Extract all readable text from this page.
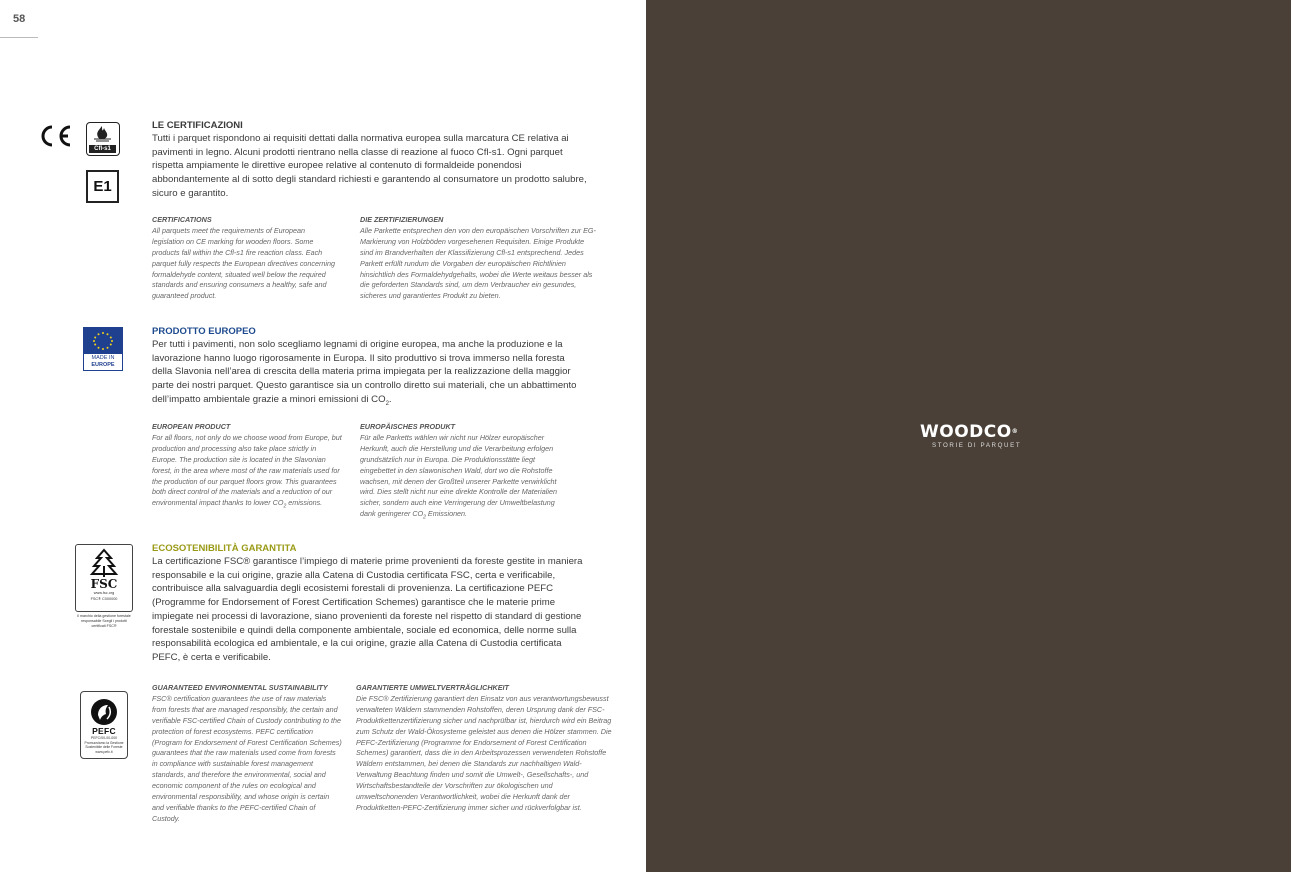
58
Cfl-s1
E1
LE CERTIFICAZIONI
Tutti i parquet rispondono ai requisiti dettati dalla normativa europea sulla marcatura CE relativa ai pavimenti in legno. Alcuni prodotti rientrano nella classe di reazione al fuoco Cfl-s1. Ogni parquet rispetta ampiamente le direttive europee relative al contenuto di formaldeide ponendosi abbondantemente al di sotto degli standard richiesti e garantendo al consumatore un prodotto salubre, sicuro e garantito.
CERTIFICATIONS
All parquets meet the requirements of European legislation on CE marking for wooden floors. Some products fall within the Cfl-s1 fire reaction class. Each parquet fully respects the European directives concerning formaldehyde content, situated well below the required standards and ensuring consumers a healthy, safe and guaranteed product.
DIE ZERTIFIZIERUNGEN
Alle Parkette entsprechen den von den europäischen Vorschriften zur EG-Markierung von Holzböden vorgesehenen Requisiten. Einige Produkte sind im Brandverhalten der Klassifizierung Cfl-s1 entsprechend. Jedes Parkett erfüllt rundum die Vorgaben der europäischen Richtlinien hinsichtlich des Formaldehydgehalts, wobei die Werte weitaus besser als die geforderten Standards sind, um dem Verbraucher ein gesundes, sicheres und garantiertes Produkt zu bieten.
MADE IN
EUROPE
PRODOTTO EUROPEO
Per tutti i pavimenti, non solo scegliamo legnami di origine europea, ma anche la produzione e la lavorazione hanno luogo rigorosamente in Europa. Il sito produttivo si trova immerso nella foresta della Slavonia nell’area di crescita della materia prima impiegata per la realizzazione della maggior parte dei nostri parquet. Questo garantisce sia un controllo diretto sui materiali, che un abbattimento dell’impatto ambientale grazie a minori emissioni di $CO_2$.
EUROPEAN PRODUCT
For all floors, not only do we choose wood from Europe, but production and processing also take place strictly in Europe. The production site is located in the Slavonian forest, in the area where most of the raw materials used for the production of our parquet floors grow. This guarantees both direct control of the materials and a reduction of our environmental impact thanks to lower $CO_2$ emissions.
EUROPÄISCHES PRODUKT
Für alle Parketts wählen wir nicht nur Hölzer europäischer Herkunft, auch die Herstellung und die Verarbeitung erfolgen grundsätzlich nur in Europa. Die Produktionsstätte liegt eingebettet in den slawonischen Wald, dort wo die Rohstoffe wachsen, mit denen der Großteil unserer Parkette verwirklicht wird. Dies stellt nicht nur eine direkte Kontrolle der Materialien sicher, sondern auch eine Verringerung der Umweltbelastung dank geringerer $CO_2$ Emissionen.
FSC
www.fsc.org
FSC® C000000
Il marchio della gestione forestale responsabile Scegli i prodotti certificati FSC®
PEFC
PEFC/00-00-000
Promuoviamo la Gestione Sostenibile delle Foreste www.pefc.it
ECOSOTENIBILITÀ GARANTITA
La certificazione FSC® garantisce l’impiego di materie prime provenienti da foreste gestite in maniera responsabile e la cui origine, grazie alla Catena di Custodia certificata FSC, certa e verificabile, contribuisce alla salvaguardia degli ecosistemi forestali di provenienza. La certificazione PEFC (Programme for Endorsement of Forest Certification Schemes) garantisce che le materie prime impiegate nei processi di lavorazione, siano provenienti da foreste nel rispetto di standard di gestione forestale sostenibile e quindi della componente ambientale, sociale ed economica, delle norme sulla responsabilità ecologica ed ambientale, e la cui origine, grazie alla Catena di Custodia certificata PEFC, è certa e verificabile.
GUARANTEED ENVIRONMENTAL SUSTAINABILITY
FSC® certification guarantees the use of raw materials from forests that are managed responsibly, the certain and verifiable FSC-certified Chain of Custody contributing to the protection of forest ecosystems. PEFC certification (Program for Endorsement of Forest Certification Schemes) guarantees that the raw materials used come from forests in compliance with sustainable forest management standards, and therefore the environmental, social and economic component of the rules on ecological and environmental responsibility, and whose origin is certain and verifiable thanks to the PEFC-certified Chain of Custody.
GARANTIERTE UMWELTVERTRÄGLICHKEIT
Die FSC® Zertifizierung garantiert den Einsatz von aus verantwortungsbewusst verwalteten Wäldern stammenden Rohstoffen, deren Ursprung dank der FSC-Produktkettenzertifizierung sicher und nachprüfbar ist, hierdurch wird ein Beitrag zum Schutz der Wald-Ökosysteme geleistet aus denen die Hölzer stammen. Die PEFC-Zertifizierung (Programme for Endorsement of Forest Certification Schemes) garantiert, dass die in den Arbeitsprozessen verwendeten Rohstoffe Wäldern entstammen, bei denen die Standards zur nachhaltigen Wald-Verwaltung Beachtung finden und somit die Umwelt-, Gesellschafts-, und Wirtschaftsbestandteile der Vorschriften zur ökologischen und umweltschonenden Verantwortlichkeit, wobei die Herkunft dank der Produktketten-PEFC-Zertifizierung immer sicher und rückverfolgbar ist.
WOODCO®
STORIE DI PARQUET
